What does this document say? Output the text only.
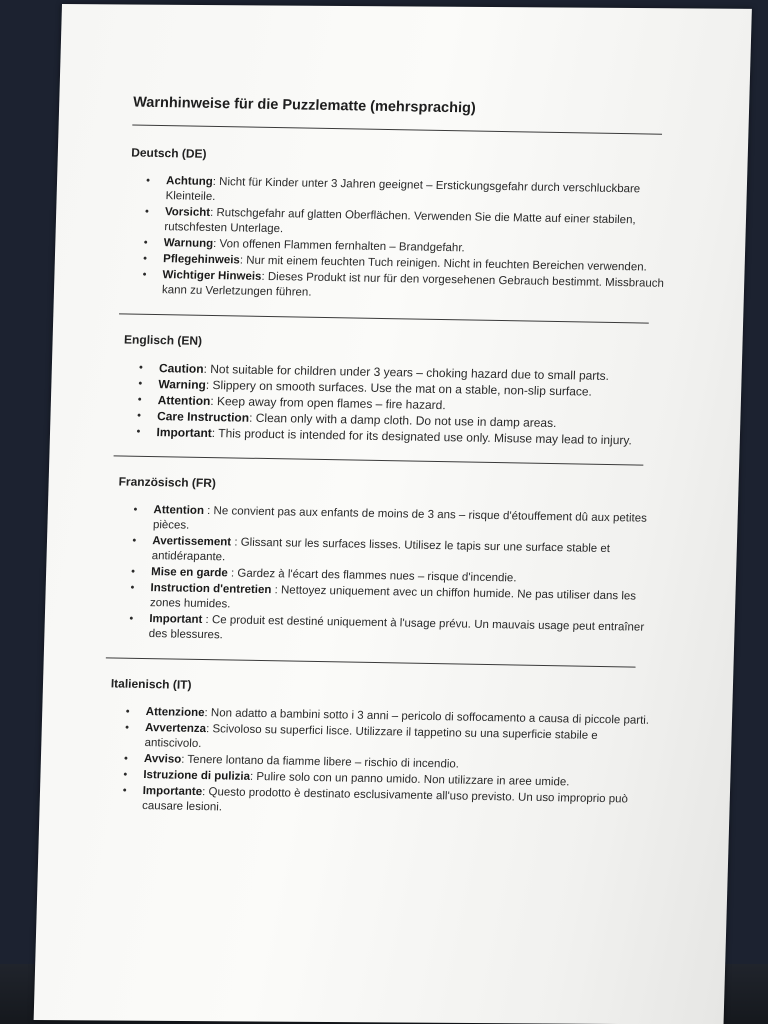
Warnhinweise für die Puzzlematte (mehrsprachig)
Deutsch (DE)
• Achtung: Nicht für Kinder unter 3 Jahren geeignet – Erstickungsgefahr durch verschluckbare Kleinteile.
• Vorsicht: Rutschgefahr auf glatten Oberflächen. Verwenden Sie die Matte auf einer stabilen, rutschfesten Unterlage.
• Warnung: Von offenen Flammen fernhalten – Brandgefahr.
• Pflegehinweis: Nur mit einem feuchten Tuch reinigen. Nicht in feuchten Bereichen verwenden.
• Wichtiger Hinweis: Dieses Produkt ist nur für den vorgesehenen Gebrauch bestimmt. Missbrauch kann zu Verletzungen führen.
Englisch (EN)
• Caution: Not suitable for children under 3 years – choking hazard due to small parts.
• Warning: Slippery on smooth surfaces. Use the mat on a stable, non-slip surface.
• Attention: Keep away from open flames – fire hazard.
• Care Instruction: Clean only with a damp cloth. Do not use in damp areas.
• Important: This product is intended for its designated use only. Misuse may lead to injury.
Französisch (FR)
• Attention : Ne convient pas aux enfants de moins de 3 ans – risque d'étouffement dû aux petites pièces.
• Avertissement : Glissant sur les surfaces lisses. Utilisez le tapis sur une surface stable et antidérapante.
• Mise en garde : Gardez à l'écart des flammes nues – risque d'incendie.
• Instruction d'entretien : Nettoyez uniquement avec un chiffon humide. Ne pas utiliser dans les zones humides.
• Important : Ce produit est destiné uniquement à l'usage prévu. Un mauvais usage peut entraîner des blessures.
Italienisch (IT)
• Attenzione: Non adatto a bambini sotto i 3 anni – pericolo di soffocamento a causa di piccole parti.
• Avvertenza: Scivoloso su superfici lisce. Utilizzare il tappetino su una superficie stabile e antiscivolo.
• Avviso: Tenere lontano da fiamme libere – rischio di incendio.
• Istruzione di pulizia: Pulire solo con un panno umido. Non utilizzare in aree umide.
• Importante: Questo prodotto è destinato esclusivamente all'uso previsto. Un uso improprio può causare lesioni.
